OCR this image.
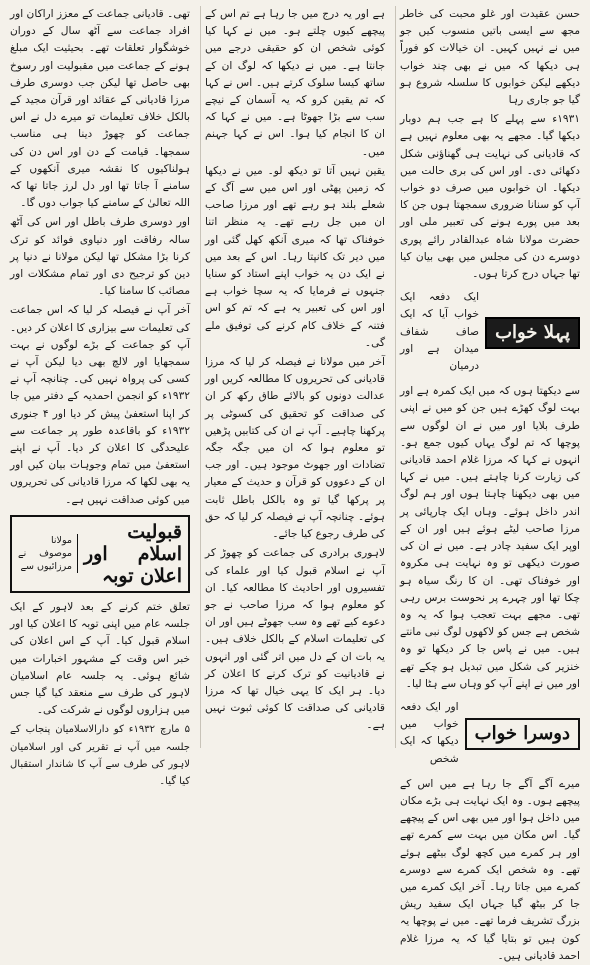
حسن عقیدت اور غلو محبت کی خاطر مجھ سے ایسی باتیں منسوب کیں جو میں نے نہیں کہیں۔ ان خیالات کو فوراً ہی دیکھا کہ میں نے بھی چند خواب دیکھے لیکن خوابوں کا سلسلہ شروع ہو گیا جو جاری رہا

۱۹۳۱ء سے پہلے کا ہے جب ہم دوبار دیکھا گیا۔ مجھے یہ بھی معلوم نہیں ہے کہ قادیانی کی نہایت ہی گھناؤنی شکل دکھائی دی۔ اور اس کی بری حالت میں دیکھا۔ ان خوابوں میں صرف دو خواب آپ کو سنانا ضروری سمجھتا ہوں جن کا بعد میں پورے ہونے کی تعبیر ملی اور حضرت مولانا شاہ عبدالقادر رائے پوری دوسرے دن کی مجلس میں بھی بیان کیا تھا جہاں درج کرتا ہوں۔

پہلا خواب

ایک دفعہ ایک خواب آیا کہ ایک صاف شفاف میدان ہے اور درمیان

سے دیکھتا ہوں کہ میں ایک کمرہ ہے اور بہت لوگ کھڑے ہیں جن کو میں نے اپنی طرف بلایا اور میں نے ان لوگوں سے پوچھا کہ تم لوگ یہاں کیوں جمع ہو۔ انہوں نے کہا کہ مرزا غلام احمد قادیانی کی زیارت کرنا چاہتے ہیں۔ میں نے کہا میں بھی دیکھنا چاہتا ہوں اور ہم لوگ اندر داخل ہوئے۔ وہاں ایک چارپائی پر مرزا صاحب لیٹے ہوئے ہیں اور ان کے اوپر ایک سفید چادر ہے۔ میں نے ان کی صورت دیکھی تو وہ نہایت ہی مکروہ اور خوفناک تھی۔ ان کا رنگ سیاہ ہو چکا تھا اور چہرے پر نحوست برس رہی تھی۔ مجھے بہت تعجب ہوا کہ یہ وہ شخص ہے جس کو لاکھوں لوگ نبی مانتے ہیں۔ میں نے پاس جا کر دیکھا تو وہ خنزیر کی شکل میں تبدیل ہو چکے تھے اور میں نے اپنے آپ کو وہاں سے ہٹا لیا۔

دوسرا خواب

اور ایک دفعہ خواب میں دیکھا کہ ایک شخص

میرے آگے آگے جا رہا ہے میں اس کے پیچھے ہوں۔ وہ ایک نہایت ہی بڑے مکان میں داخل ہوا اور میں بھی اس کے پیچھے گیا۔ اس مکان میں بہت سے کمرے تھے اور ہر کمرے میں کچھ لوگ بیٹھے ہوئے تھے۔ وہ شخص ایک کمرے سے دوسرے کمرے میں جاتا رہا۔ آخر ایک کمرے میں جا کر بیٹھ گیا جہاں ایک سفید ریش بزرگ تشریف فرما تھے۔ میں نے پوچھا یہ کون ہیں تو بتایا گیا کہ یہ مرزا غلام احمد قادیانی ہیں۔

ہے اور یہ درج میں جا رہا ہے تم اس کے پیچھے کیوں چلتے ہو۔ میں نے کہا کیا کوئی شخص ان کو حقیقی درجے میں جانتا ہے۔ میں نے دیکھا کہ لوگ ان کے ساتھ کیسا سلوک کرتے ہیں۔ اس نے کہا کہ تم یقین کرو کہ یہ آسمان کے نیچے سب سے بڑا جھوٹا ہے۔ میں نے کہا کہ ان کا انجام کیا ہوا۔ اس نے کہا جہنم میں۔

یقین نہیں آتا تو دیکھ لو۔ میں نے دیکھا کہ زمین پھٹی اور اس میں سے آگ کے شعلے بلند ہو رہے تھے اور مرزا صاحب ان میں جل رہے تھے۔ یہ منظر اتنا خوفناک تھا کہ میری آنکھ کھل گئی اور میں دیر تک کانپتا رہا۔ اس کے بعد میں نے ایک دن یہ خواب اپنے استاد کو سنایا جنہوں نے فرمایا کہ یہ سچا خواب ہے اور اس کی تعبیر یہ ہے کہ تم کو اس فتنہ کے خلاف کام کرنے کی توفیق ملے گی۔

آخر میں مولانا نے فیصلہ کر لیا کہ مرزا قادیانی کی تحریروں کا مطالعہ کریں اور عدالت دونوں کو بالائے طاق رکھ کر ان کی صداقت کو تحقیق کی کسوٹی پر پرکھنا چاہیے۔ آپ نے ان کی کتابیں پڑھیں تو معلوم ہوا کہ ان میں جگہ جگہ تضادات اور جھوٹ موجود ہیں۔ اور جب ان کے دعووں کو قرآن و حدیث کے معیار پر پرکھا گیا تو وہ بالکل باطل ثابت ہوئے۔ چنانچہ آپ نے فیصلہ کر لیا کہ حق کی طرف رجوع کیا جائے۔

لاہوری برادری کی جماعت کو چھوڑ کر آپ نے اسلام قبول کیا اور علماء کی تفسیروں اور احادیث کا مطالعہ کیا۔ ان کو معلوم ہوا کہ مرزا صاحب نے جو دعوے کیے تھے وہ سب جھوٹے ہیں اور ان کی تعلیمات اسلام کے بالکل خلاف ہیں۔ یہ بات ان کے دل میں اتر گئی اور انہوں نے قادیانیت کو ترک کرنے کا اعلان کر دیا۔ ہر ایک کا یہی خیال تھا کہ مرزا قادیانی کی صداقت کا کوئی ثبوت نہیں ہے۔

تھی۔ قادیانی جماعت کے معزز اراکان اور افراد جماعت سے آٹھ سال کے دوران خوشگوار تعلقات تھے۔ بحیثیت ایک مبلغ ہونے کے جماعت میں مقبولیت اور رسوخ بھی حاصل تھا لیکن جب دوسری طرف مرزا قادیانی کے عقائد اور قرآن مجید کے بالکل خلاف تعلیمات تو میرے دل نے اس جماعت کو چھوڑ دینا ہی مناسب سمجھا۔ قیامت کے دن اور اس دن کی ہولناکیوں کا نقشہ میری آنکھوں کے سامنے آ جاتا تھا اور دل لرز جاتا تھا کہ اللہ تعالیٰ کے سامنے کیا جواب دوں گا۔

اور دوسری طرف باطل اور اس کی آٹھ سالہ رفاقت اور دنیاوی فوائد کو ترک کرنا بڑا مشکل تھا لیکن مولانا نے دنیا پر دین کو ترجیح دی اور تمام مشکلات اور مصائب کا سامنا کیا۔

آخر آپ نے فیصلہ کر لیا کہ اس جماعت کی تعلیمات سے بیزاری کا اعلان کر دیں۔ آپ کو جماعت کے بڑے لوگوں نے بہت سمجھایا اور لالچ بھی دیا لیکن آپ نے کسی کی پرواہ نہیں کی۔ چنانچہ آپ نے ۱۹۳۲ء کو انجمن احمدیہ کے دفتر میں جا کر اپنا استعفیٰ پیش کر دیا اور ۴ جنوری ۱۹۳۲ء کو باقاعدہ طور پر جماعت سے علیحدگی کا اعلان کر دیا۔ آپ نے اپنے استعفیٰ میں تمام وجوہات بیان کیں اور یہ بھی لکھا کہ مرزا قادیانی کی تحریروں میں کوئی صداقت نہیں ہے۔

قبولیت اسلام اور اعلان توبہ
مولانا موصوف نے مرزائیوں سے

تعلق ختم کرنے کے بعد لاہور کے ایک جلسہ عام میں اپنی توبہ کا اعلان کیا اور اسلام قبول کیا۔ آپ کے اس اعلان کی خبر اس وقت کے مشہور اخبارات میں شائع ہوئی۔ یہ جلسہ عام اسلامیان لاہور کی طرف سے منعقد کیا گیا جس میں ہزاروں لوگوں نے شرکت کی۔

۵ مارچ ۱۹۳۲ء کو دارالاسلامیان پنجاب کے جلسہ میں آپ نے تقریر کی اور اسلامیان لاہور کی طرف سے آپ کا شاندار استقبال کیا گیا۔
